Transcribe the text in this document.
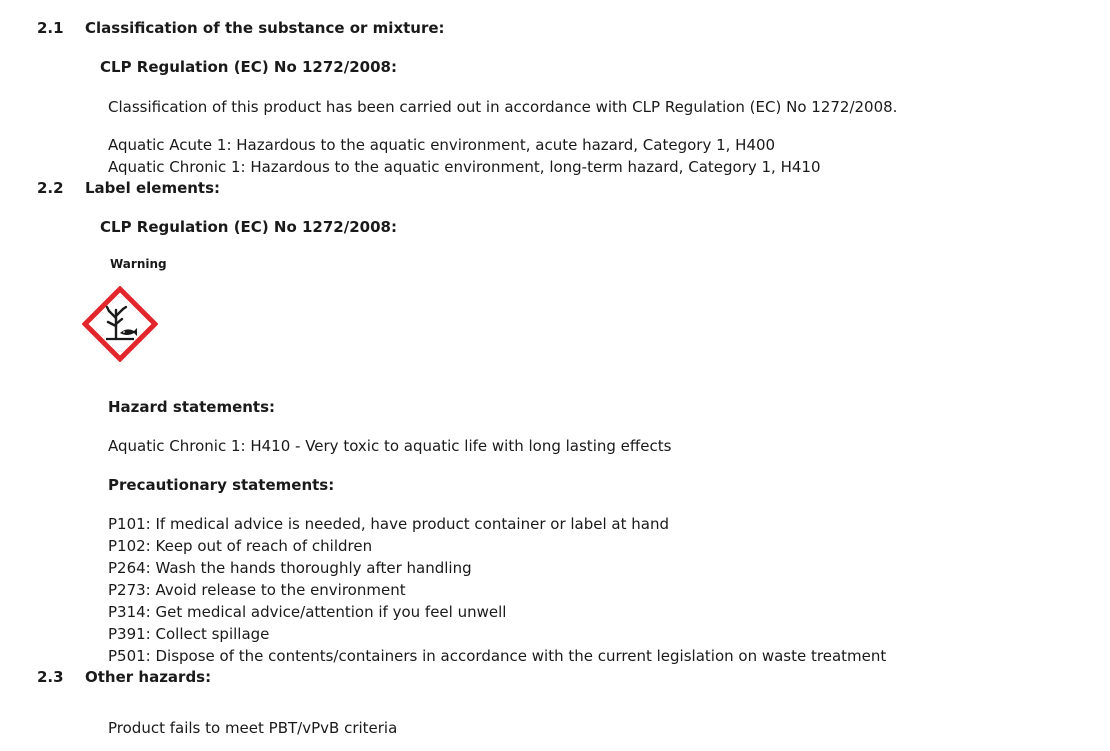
2.1 Classification of the substance or mixture:
CLP Regulation (EC) No 1272/2008:
Classification of this product has been carried out in accordance with CLP Regulation (EC) No 1272/2008.
Aquatic Acute 1: Hazardous to the aquatic environment, acute hazard, Category 1, H400
Aquatic Chronic 1: Hazardous to the aquatic environment, long-term hazard, Category 1, H410
2.2 Label elements:
CLP Regulation (EC) No 1272/2008:
Warning
Hazard statements:
Aquatic Chronic 1: H410 - Very toxic to aquatic life with long lasting effects
Precautionary statements:
P101: If medical advice is needed, have product container or label at hand
P102: Keep out of reach of children
P264: Wash the hands thoroughly after handling
P273: Avoid release to the environment
P314: Get medical advice/attention if you feel unwell
P391: Collect spillage
P501: Dispose of the contents/containers in accordance with the current legislation on waste treatment
2.3 Other hazards:
Product fails to meet PBT/vPvB criteria
